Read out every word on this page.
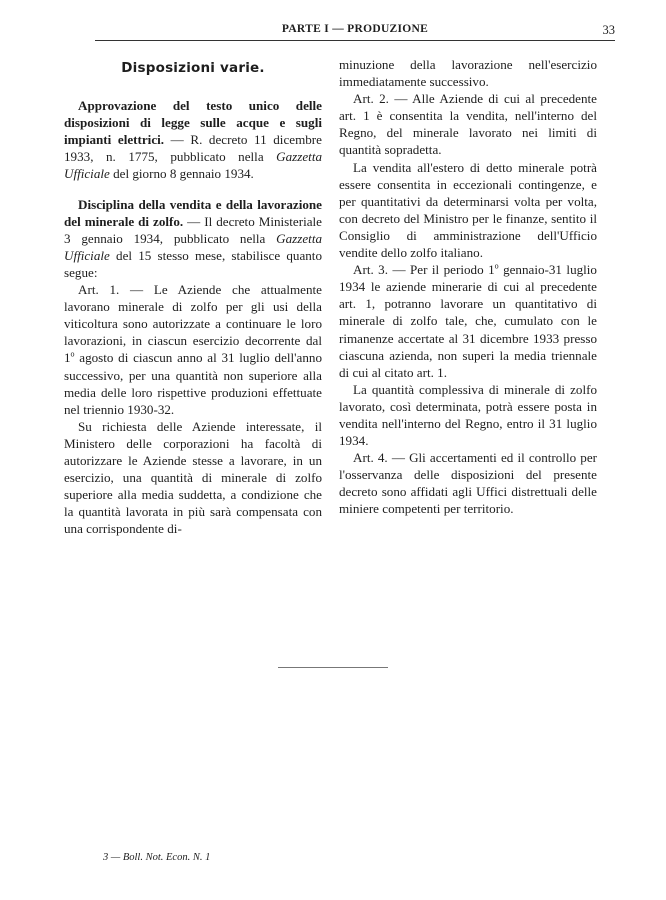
PARTE I — PRODUZIONE	33
Disposizioni varie.

Approvazione del testo unico delle disposizioni di legge sulle acque e sugli impianti elettrici. — R. decreto 11 dicembre 1933, n. 1775, pubblicato nella Gazzetta Ufficiale del giorno 8 gennaio 1934.

Disciplina della vendita e della lavorazione del minerale di zolfo. — Il decreto Ministeriale 3 gennaio 1934, pubblicato nella Gazzetta Ufficiale del 15 stesso mese, stabilisce quanto segue:

Art. 1. — Le Aziende che attualmente lavorano minerale di zolfo per gli usi della viticoltura sono autorizzate a continuare le loro lavorazioni, in ciascun esercizio decorrente dal 1$^o$ agosto di ciascun anno al 31 luglio dell'anno successivo, per una quantità non superiore alla media delle loro rispettive produzioni effettuate nel triennio 1930-32.

Su richiesta delle Aziende interessate, il Ministero delle corporazioni ha facoltà di autorizzare le Aziende stesse a lavorare, in un esercizio, una quantità di minerale di zolfo superiore alla media suddetta, a condizione che la quantità lavorata in più sarà compensata con una corrispondente di-

minuzione della lavorazione nell'esercizio immediatamente successivo.

Art. 2. — Alle Aziende di cui al precedente art. 1 è consentita la vendita, nell'interno del Regno, del minerale lavorato nei limiti di quantità sopradetta.

La vendita all'estero di detto minerale potrà essere consentita in eccezionali contingenze, e per quantitativi da determinarsi volta per volta, con decreto del Ministro per le finanze, sentito il Consiglio di amministrazione dell'Ufficio vendite dello zolfo italiano.

Art. 3. — Per il periodo 1$^o$ gennaio-31 luglio 1934 le aziende minerarie di cui al precedente art. 1, potranno lavorare un quantitativo di minerale di zolfo tale, che, cumulato con le rimanenze accertate al 31 dicembre 1933 presso ciascuna azienda, non superi la media triennale di cui al citato art. 1.

La quantità complessiva di minerale di zolfo lavorato, così determinata, potrà essere posta in vendita nell'interno del Regno, entro il 31 luglio 1934.

Art. 4. — Gli accertamenti ed il controllo per l'osservanza delle disposizioni del presente decreto sono affidati agli Uffici distrettuali delle miniere competenti per territorio.

3 — Boll. Not. Econ. N. 1
